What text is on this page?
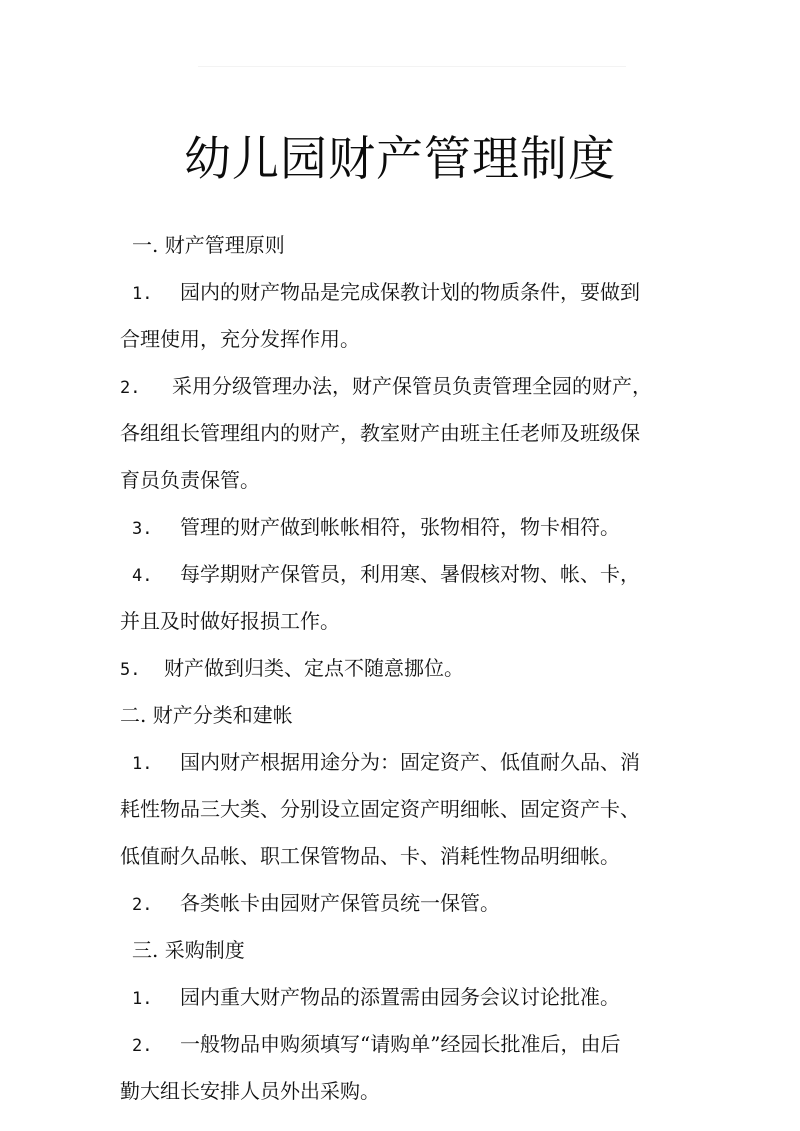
幼儿园财产管理制度
一. 财产管理原则
1. 园内的财产物品是完成保教计划的物质条件，要做到
合理使用，充分发挥作用。
2. 采用分级管理办法，财产保管员负责管理全园的财产，
各组组长管理组内的财产，教室财产由班主任老师及班级保
育员负责保管。
3. 管理的财产做到帐帐相符，张物相符，物卡相符。
4. 每学期财产保管员，利用寒、暑假核对物、帐、卡，
并且及时做好报损工作。
5. 财产做到归类、定点不随意挪位。
二. 财产分类和建帐
1. 国内财产根据用途分为：固定资产、低值耐久品、消
耗性物品三大类、分别设立固定资产明细帐、固定资产卡、
低值耐久品帐、职工保管物品、卡、消耗性物品明细帐。
2. 各类帐卡由园财产保管员统一保管。
三. 采购制度
1. 园内重大财产物品的添置需由园务会议讨论批准。
2. 一般物品申购须填写“请购单”经园长批准后，由后
勤大组长安排人员外出采购。
